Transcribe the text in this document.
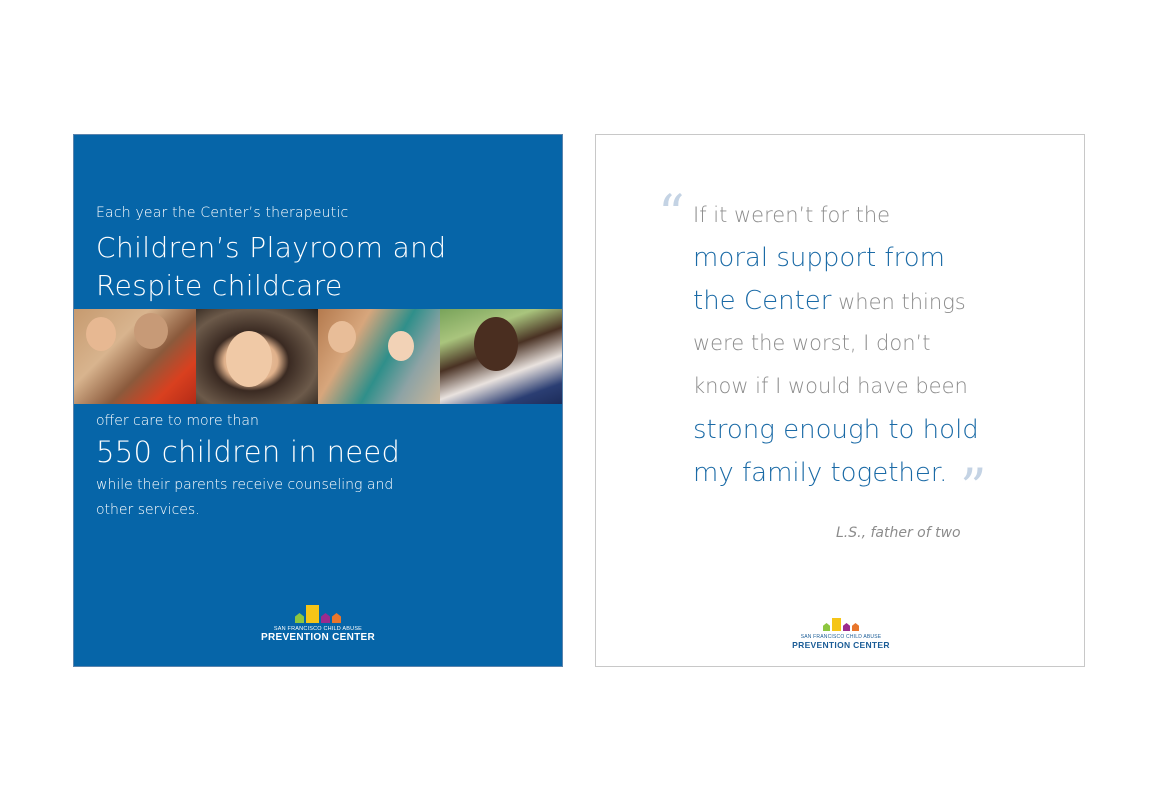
Each year the Center’s therapeutic
Children’s Playroom and
Respite childcare
offer care to more than
550 children in need
while their parents receive counseling and
other services.
SAN FRANCISCO CHILD ABUSE
PREVENTION CENTER
“ If it weren’t for the
moral support from
the Center when things
were the worst, I don’t
know if I would have been
strong enough to hold
my family together. ”
L.S., father of two
SAN FRANCISCO CHILD ABUSE
PREVENTION CENTER
